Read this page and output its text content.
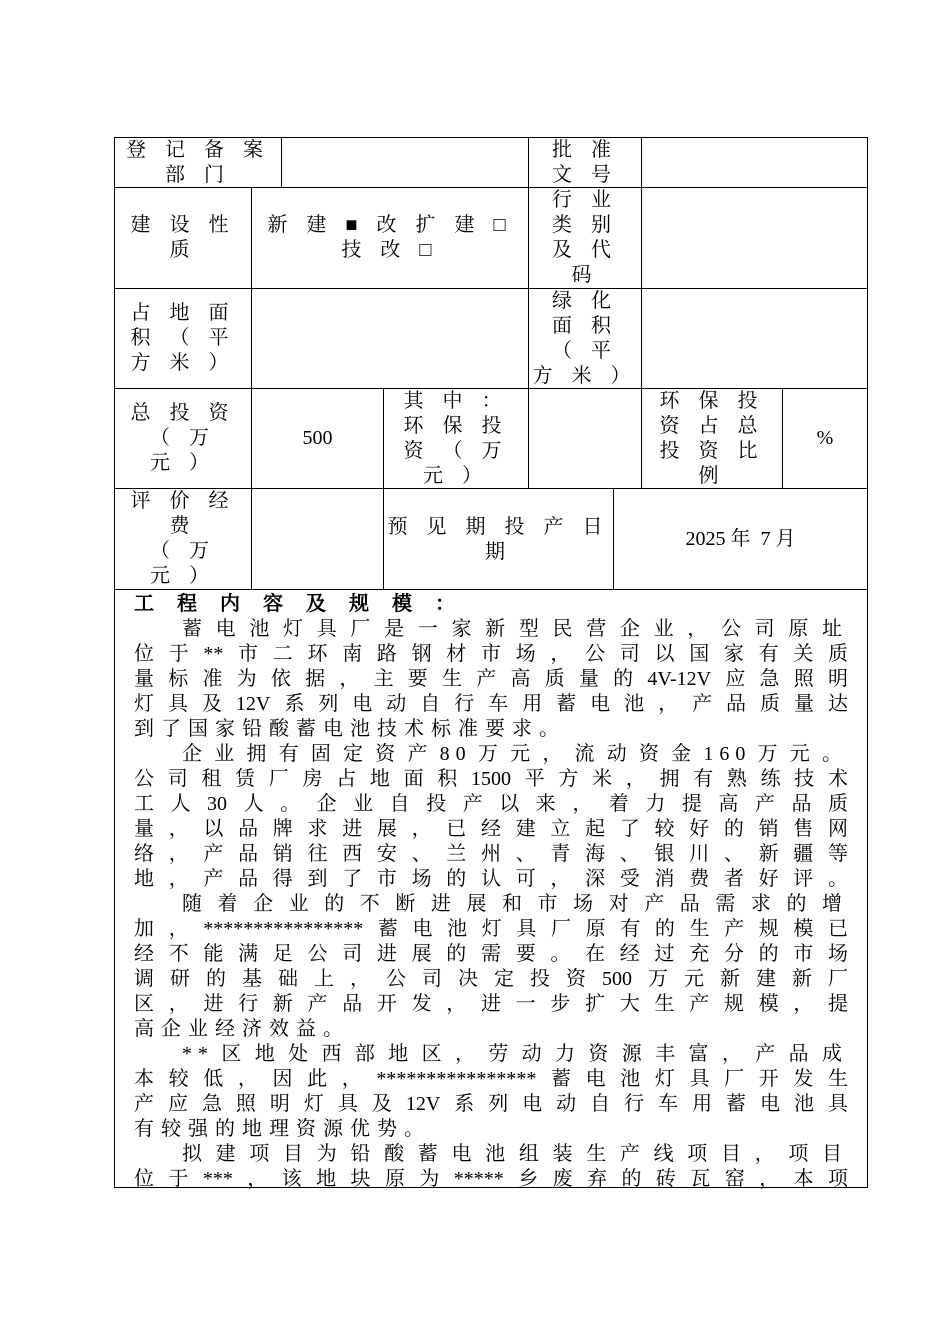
登 记 备 案
部 门
批 准
文 号
建 设 性
质
新 建 ■ 改 扩 建 □
技 改 □
行 业
类 别
及 代
码
占 地 面
积 （ 平
方 米 ）
绿 化
面 积
（ 平
方 米 ）
总 投 资
（ 万
元 ）
500
其 中 ：
环 保 投
资 （ 万
元 ）
环 保 投
资 占 总
投 资 比
例
%
评 价 经
费
（ 万
元 ）
预 见 期 投 产 日
期
2025 年  7 月
工 程 内 容 及 规 模 ：
蓄电池灯具厂是一家新型民营企业，公司原址
位于**市二环南路钢材市场，公司以国家有关质
量标准为依据，主要生产高质量的4V-12V应急照明
灯具及12V系列电动自行车用蓄电池，产品质量达
到了国家铅酸蓄电池技术标准要求。
企业拥有固定资产80万元，流动资金160万元。
公司租赁厂房占地面积1500平方米，拥有熟练技术
工人30人。企业自投产以来，着力提高产品质
量，以品牌求进展，已经建立起了较好的销售网
络，产品销往西安、兰州、青海、银川、新疆等
地，产品得到了市场的认可，深受消费者好评。
随着企业的不断进展和市场对产品需求的增
加，****************蓄电池灯具厂原有的生产规模已
经不能满足公司进展的需要。在经过充分的市场
调研的基础上，公司决定投资500万元新建新厂
区，进行新产品开发，进一步扩大生产规模，提
高企业经济效益。
**区地处西部地区，劳动力资源丰富，产品成
本较低，因此，****************蓄电池灯具厂开发生
产应急照明灯具及12V系列电动自行车用蓄电池具
有较强的地理资源优势。
拟建项目为铅酸蓄电池组装生产线项目，项目
位于***，该地块原为*****乡废弃的砖瓦窑，本项
